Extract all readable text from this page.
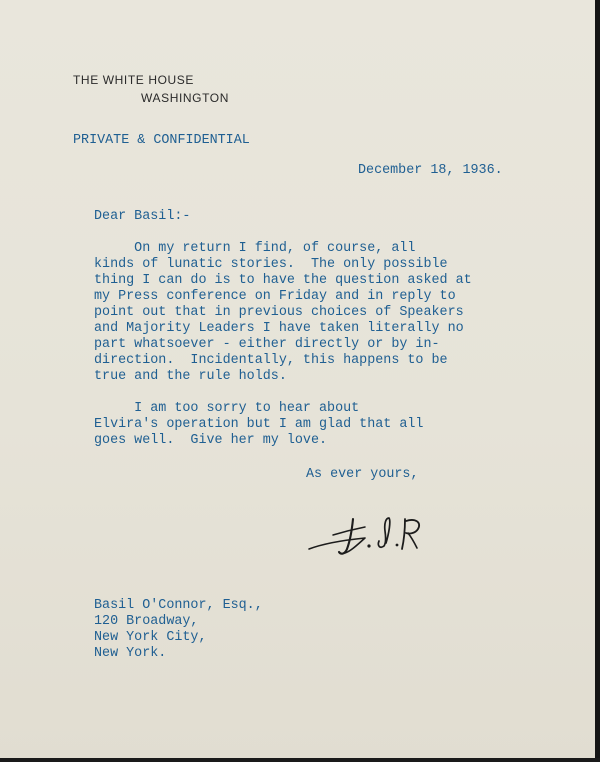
THE WHITE HOUSE
WASHINGTON
PRIVATE & CONFIDENTIAL
December 18, 1936.
Dear Basil:-
On my return I find, of course, all
kinds of lunatic stories.  The only possible
thing I can do is to have the question asked at
my Press conference on Friday and in reply to
point out that in previous choices of Speakers
and Majority Leaders I have taken literally no
part whatsoever - either directly or by in-
direction.  Incidentally, this happens to be
true and the rule holds.
I am too sorry to hear about
Elvira's operation but I am glad that all
goes well.  Give her my love.
As ever yours,
Basil O'Connor, Esq.,
120 Broadway,
New York City,
New York.
